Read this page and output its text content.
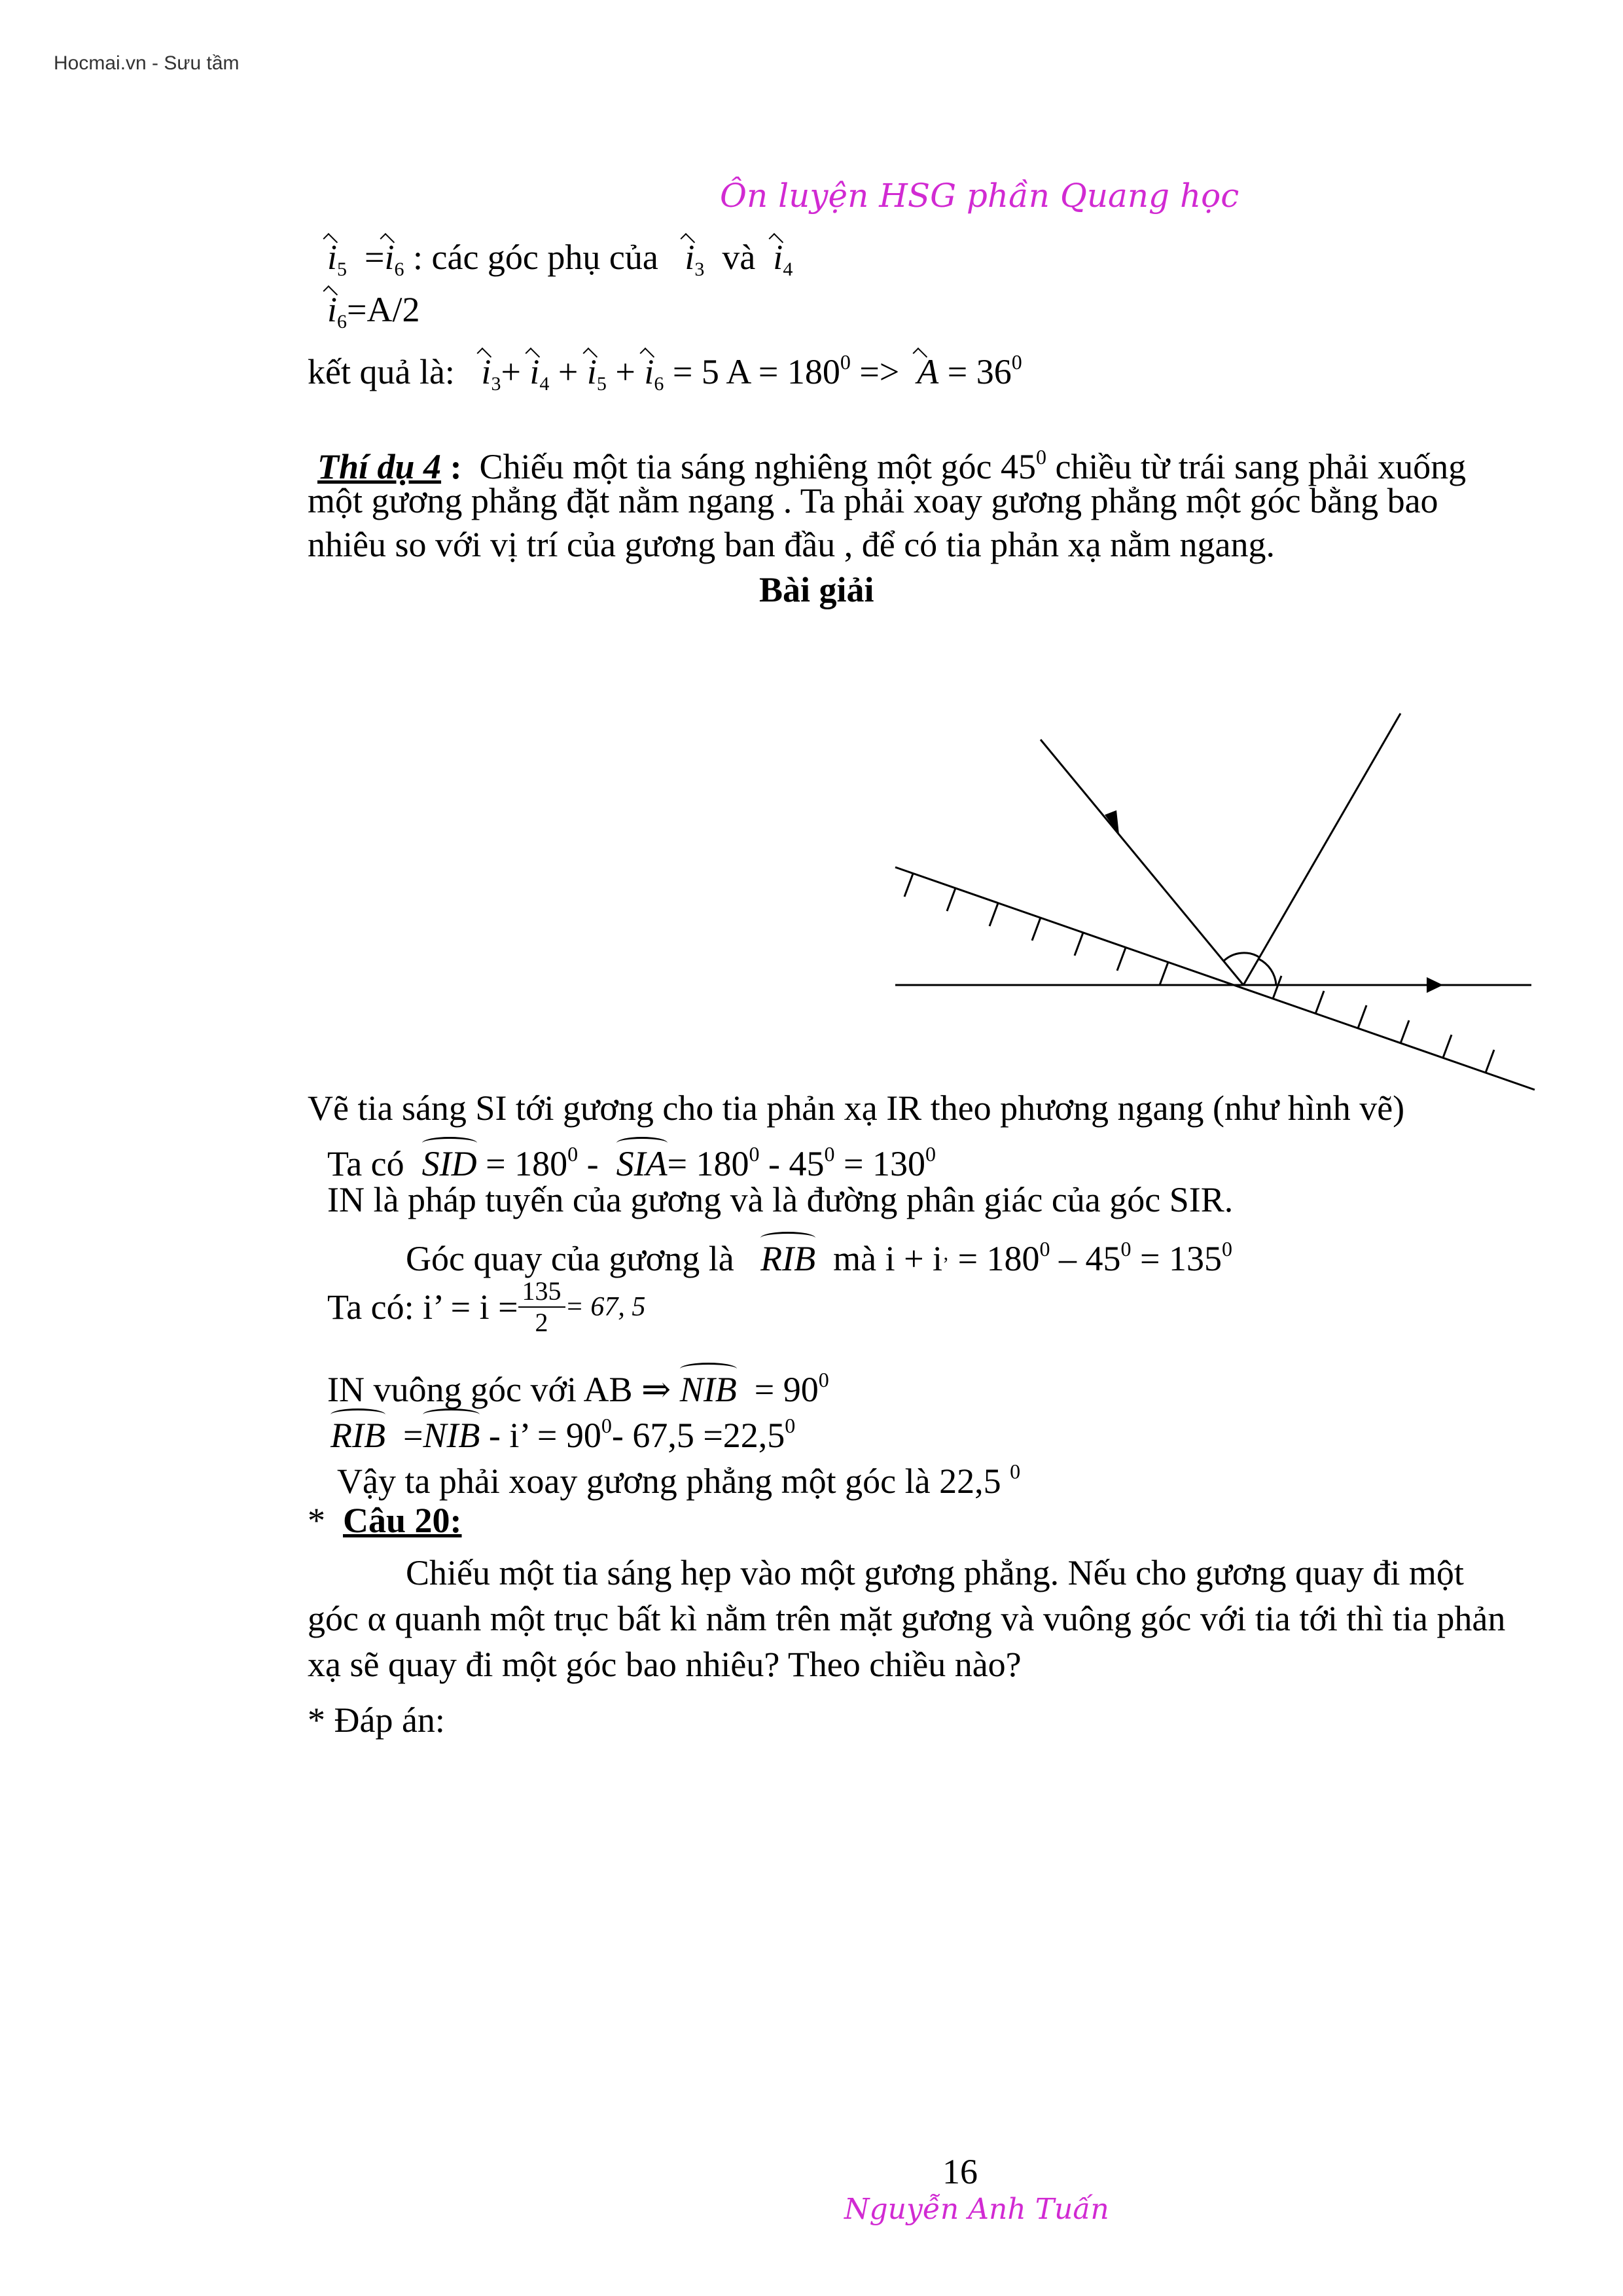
Hocmai.vn - Sưu tầm
Ôn luyện HSG phần Quang học
$i_5 =i_6$ : các góc phụ của $i_3$ và $i_4$
$i_6=A/2$
kết quả là: $i_3+ i_4 + i_5 + i_6 = 5$ $A = 180^0 => A = 36^0$
Thí dụ 4 : Chiếu một tia sáng nghiêng một góc $45^0$ chiều từ trái sang phải xuống
một gương phẳng đặt nằm ngang . Ta phải xoay gương phẳng một góc bằng bao
nhiêu so với vị trí của gương ban đầu , để có tia phản xạ nằm ngang.
Bài giải
Vẽ tia sáng SI tới gương cho tia phản xạ IR theo phương ngang (như hình vẽ)
Ta có SID = $180^0 - SIA= 180^0 - 45^0 = 130^0$
IN là pháp tuyến của gương và là đường phân giác của góc SIR.
Góc quay của gương là RIB mà i + i’ = $180^0 - 45^0 = 135^0$
Ta có: i’ = $i = \frac{135}{2} = 67$, 5
IN vuông góc với AB ⇒ NIB = $90^0$
RIB =NIB - i’ = $90^0-$ $67,5 =22,5^0$
Vậy ta phải xoay gương phẳng một góc là 22,5 $^0$
* Câu 20:
Chiếu một tia sáng hẹp vào một gương phẳng. Nếu cho gương quay đi một
góc α quanh một trục bất kì nằm trên mặt gương và vuông góc với tia tới thì tia phản
xạ sẽ quay đi một góc bao nhiêu? Theo chiều nào?
* Đáp án:
16
Nguyễn Anh Tuấn
